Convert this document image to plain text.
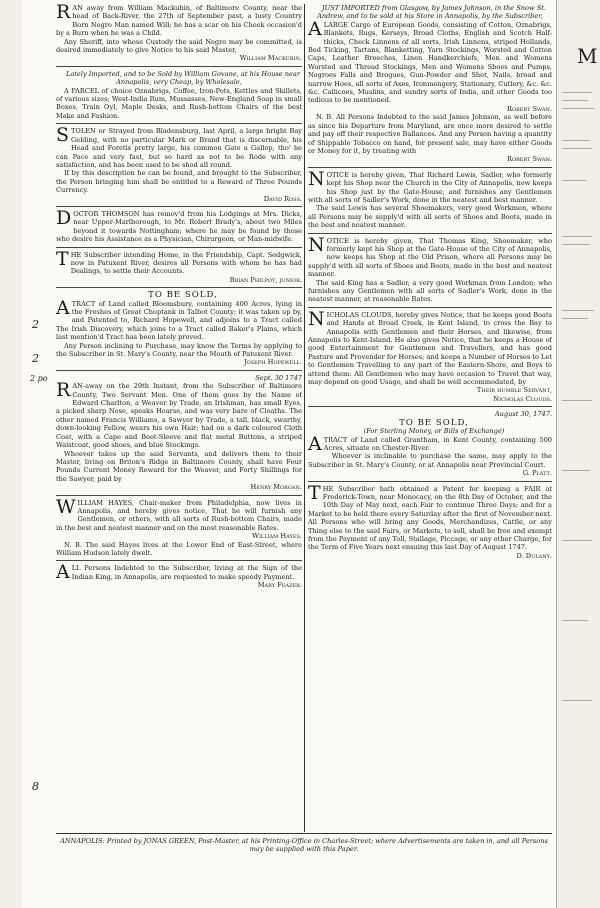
RAN away from William Mackubin, of Baltimore County, near the head of Back-River, the 27th of September past, a lusty Country Born Negro Man named Will; he has a scar on his Cheek occasion'd by a Burn when he was a Child.

Any Sheriff, into whose Custody the said Negro may be committed, is desired immediately to give Notice to his said Master,

William Mackubin.

Lately Imported, and to be Sold by William Govane, at his House near Annapolis, very Cheap, by Wholesale,

A PARCEL of choice Oznabrigs, Coffee, Iron-Pots, Kettles and Skillets, of various sizes; West-India Rum, Mussasses, New-England Soap in small Boxes, Train Oyl, Maple Desks, and Rush-bottom Chairs of the best Make and Fashion.

STOLEN or Strayed from Bladensburg, last April, a large bright Bay Gelding, with no particular Mark or Brand that is discernable, his Head and Foretls pretty large, his common Gate a Gallop, tho' he can Pace and very fast, but so hard as not to be Rode with any satisfaction, and has been used to be shod all round.

If by this description he can be found, and brought to the Subscriber, the Person bringing him shall be entitled to a Reward of Three Pounds Currency.

David Ross.

DOCTOR THOMSON has remov'd from his Lodgings at Mrs. Dicks, near Upper-Marlborough, to Mr. Robert Brady's, about two Miles beyond it towards Nottingham; where he may be found by those who desire his Assistance as a Physician, Chirurgeon, or Man-midwife.

THE Subscriber intending Home, in the Friendship, Capt. Sedgwick, now in Patuxent River, desires all Persons with whom he has had Dealings, to settle their Accounts.

Brian Philpot, junior.

TO BE SOLD,

ATRACT of Land called Bloomsbury, containing 400 Acres, lying in the Freshes of Great Choptank in Talbot County; it was taken up by, and Patented to, Richard Hopewell, and adjoins to a Tract called The Irish Discovery, which joins to a Tract called Baker's Plains, which last mention'd Tract has been lately proved.

Any Person inclining to Purchase, may know the Terms by applying to the Subscriber in St. Mary's County, near the Mouth of Patuxent River.

Joseph Hopewell.

Sept. 30 1747

RAN-away on the 29th Instant, from the Subscriber of Baltimore County, Two Servant Men. One of them goes by the Name of Edward Charlton, a Weaver by Trade, an Irishman, has small Eyes, a picked sharp Nose, speaks Hoarse, and was very bare of Cloaths. The other named Francis Williams, a Sawyer by Trade, a tall, black, swarthy, down-looking Fellow, wears his own Hair; had on a dark coloured Cloth Coat, with a Cape and Boot-Sleeve and flat metal Buttons, a striped Waistcoat, good shoes, and blue Stockings.

Whoever takes up the said Servants, and delivers them to their Master, living on Briton's Ridge in Baltimore County, shall have Four Pounds Current Money Reward for the Weaver, and Forty Shillings for the Sawyer, paid by

Henry Morgan.

WILLIAM HAYES, Chair-maker from Philadelphia, now lives in Annapolis, and hereby gives notice, That he will furnish any Gentlemen, or others, with all sorts of Rush-bottom Chairs, made in the best and neatest manner and on the most reasonable Rates.

William Hayes.

N. B. The said Hayes lives at the Lower End of East-Street, where William Hudson lately dwelt.

ALL Persons Indebted to the Subscriber, living at the Sign of the Indian King, in Annapolis, are requested to make speedy Payment.

Mary Feazer.

JUST IMPORTED from Glasgow, by James Johnson, in the Snow St. Andrew, and to be sold at his Store in Annapolis, by the Subscriber,

ALARGE Cargo of European Goods, consisting of Cotton, Oznabrigs, Blankets, Rugs, Kerseys, Broad Cloths, English and Scotch Half-thicks, Check Linnens of all sorts, Irish Linnens, striped Hollands, Bed Ticking, Tartans, Blanketting, Yarn Stockings, Worsted and Cotton Caps, Leather Breeches, Linen Handkerchiefs, Men and Womens Worsted and Thread Stockings, Men and Womens Shoes and Pumps, Negroes Falls and Brogues, Gun-Powder and Shot, Nails, broad and narrow Hoes, all sorts of Axes, Ironmongery, Stationary, Cutlery, &c. &c. &c. Callicoes, Muslins, and sundry sorts of India, and other Goods too tedious to be mentioned.

Robert Swan.

N. B. All Persons Indebted to the said James Johnson, as well before as since his Departure from Maryland, are once more desired to settle and pay off their respective Ballances. And any Person having a quantity of Shippable Tobacco on hand, for present sale, may have either Goods or Money for it, by treating with

Robert Swan.

NOTICE is hereby given, That Richard Lewis, Sadler, who formerly kept his Shop near the Church in the City of Annapolis, now keeps his Shop just by the Gate-House, and furnishes any Gentlemen with all sorts of Sadler's Work, done in the neatest and best manner.

The said Lewis has several Shoemakers, very good Workmen, where all Persons may be supply'd with all sorts of Shoes and Boots, made in the best and neatest manner.

NOTICE is hereby given, That Thomas King, Shoemaker, who formerly kept his Shop at the Gate-House of the City of Annapolis, now keeps his Shop at the Old Prison, where all Persons may be supply'd with all sorts of Shoes and Boots, made in the best and neatest manner.

The said King has a Sadler, a very good Workman from London; who furnishes any Gentlemen with all sorts of Sadler's Work, done in the neatest manner, at reasonable Rates.

NICHOLAS CLOUDS, hereby gives Notice, that he keeps good Boats and Hands at Broad Creek, in Kent Island, to cross the Bay to Annapolis with Gentlemen and their Horses, and likewise, from Annapolis to Kent-Island. He also gives Notice, that he keeps a House of good Entertainment for Gentlemen and Travellers, and has good Pasture and Provender for Horses; and keeps a Number of Horses to Let to Gentlemen Travelling to any part of the Eastern-Shore, and Boys to attend them: All Gentlemen who may have occasion to Travel that way, may depend on good Usage, and shall be well accommodated, by

Their humble Servant,

Nicholas Clouds.

August 30, 1747.

TO BE SOLD,

(For Sterling Money, or Bills of Exchange)

ATRACT of Land called Grantham, in Kent County, containing 500 Acres, situate on Chester-River.

Whoever is inclinable to purchase the same, may apply to the Subscriber in St. Mary's County, or at Annapolis near Provincial Court.

G. Platt.

THE Subscriber hath obtained a Patent for keeping a FAIR at Frederick-Town, near Monocacy, on the 8th Day of October, and the 10th Day of May next, each Fair to continue Three Days; and for a Market to be held there every Saturday after the first of November next. All Persons who will bring any Goods, Merchandizes, Cattle, or any Thing else to the said Fairs, or Markets, to sell, shall be free and exempt from the Payment of any Toll, Stallage, Piccage, or any other Charge, for the Term of Five Years next ensuing this last Day of August 1747.

D. Dulany.

ANNAPOLIS: Printed by JONAS GREEN, Post-Master, at his Printing-Office in Charles-Street; where Advertisements are taken in, and all Persons may be supplied with this Paper.
2
2
2 po
8
M
